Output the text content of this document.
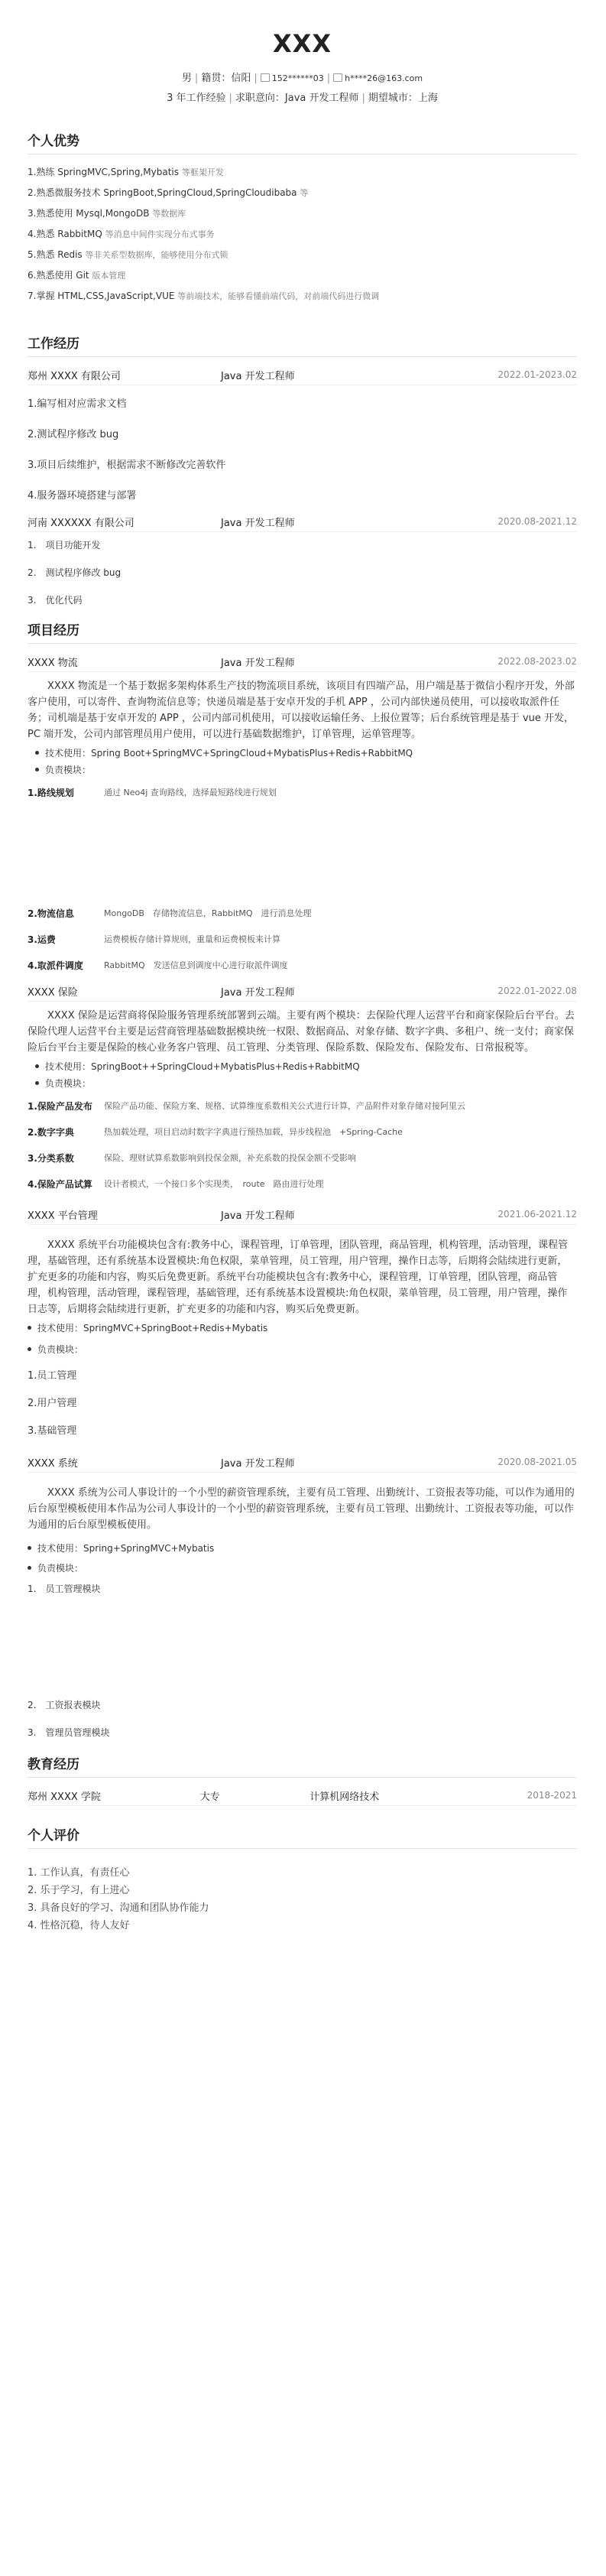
XXX
男 | 籍贯：信阳 | 152******03 | h****26@163.com
3 年工作经验 | 求职意向：Java 开发工程师 | 期望城市：上海
个人优势

1.熟练 SpringMVC,Spring,Mybatis 等框架开发

2.熟悉微服务技术 SpringBoot,SpringCloud,SpringCloudibaba 等

3.熟悉使用 Mysql,MongoDB 等数据库

4.熟悉 RabbitMQ 等消息中间件实现分布式事务

5.熟悉 Redis 等非关系型数据库，能够使用分布式锁

6.熟悉使用 Git 版本管理

7.掌握 HTML,CSS,JavaScript,VUE 等前端技术，能够看懂前端代码，对前端代码进行微调

工作经历
郑州 XXXX 有限公司	Java 开发工程师	2022.01-2023.02
1.编写相对应需求文档
2.测试程序修改 bug
3.项目后续维护，根据需求不断修改完善软件
4.服务器环境搭建与部署
河南 XXXXXX 有限公司	Java 开发工程师	2020.08-2021.12
1.　项目功能开发
2.　测试程序修改 bug
3.　优化代码
项目经历
XXXX 物流	Java 开发工程师	2022.08-2023.02
XXXX 物流是一个基于数据多架构体系生产技的物流项目系统，该项目有四端产品，用户端是基于微信小程序开发，外部客户使用，可以寄件、查询物流信息等；快递员端是基于安卓开发的手机 APP ，公司内部快递员使用，可以接收取派件任务；司机端是基于安卓开发的 APP ，公司内部司机使用，可以接收运输任务、上报位置等；后台系统管理是基于 vue 开发，PC 端开发，公司内部管理员用户使用，可以进行基础数据维护，订单管理，运单管理等。
技术使用：Spring Boot+SpringMVC+SpringCloud+MybatisPlus+Redis+RabbitMQ
负责模块：
1.路线规划	通过 Neo4j 查询路线，选择最短路线进行规划
2.物流信息	MongoDB　存储物流信息，RabbitMQ　进行消息处理
3.运费	运费模板存储计算规则，重量和运费模板来计算
4.取派件调度	RabbitMQ　发送信息到调度中心进行取派件调度
XXXX 保险	Java 开发工程师	2022.01-2022.08
XXXX 保险是运营商将保险服务管理系统部署到云端。主要有两个模块：去保险代理人运营平台和商家保险后台平台。去保险代理人运营平台主要是运营商管理基础数据模块统一权限、数据商品、对象存储、数字字典、多租户、统一支付；商家保险后台平台主要是保险的核心业务客户管理、员工管理、分类管理、保险系数、保险发布、保险发布、日常报税等。
技术使用：SpringBoot++SpringCloud+MybatisPlus+Redis+RabbitMQ
负责模块：
1.保险产品发布	保险产品功能、保险方案、规格、试算维度系数相关公式进行计算，产品附件对象存储对接阿里云
2.数字字典	热加载处理，项目启动时数字字典进行预热加载，异步线程池　+Spring-Cache
3.分类系数	保险、理财试算系数影响到投保金额，补充系数的投保金额不受影响
4.保险产品试算	设计者模式，一个接口多个实现类，　route　路由进行处理
XXXX 平台管理	Java 开发工程师	2021.06-2021.12
XXXX 系统平台功能模块包含有:教务中心，课程管理，订单管理，团队管理，商品管理，机构管理，活动管理，课程管理，基础管理，还有系统基本设置模块:角色权限，菜单管理，员工管理，用户管理，操作日志等，后期将会陆续进行更新，扩充更多的功能和内容，购买后免费更新。系统平台功能模块包含有:教务中心，课程管理，订单管理，团队管理，商品管理，机构管理，活动管理，课程管理，基础管理，还有系统基本设置模块:角色权限，菜单管理，员工管理，用户管理，操作日志等，后期将会陆续进行更新，扩充更多的功能和内容，购买后免费更新。
技术使用：SpringMVC+SpringBoot+Redis+Mybatis
负责模块：
1.员工管理
2.用户管理
3.基础管理
XXXX 系统	Java 开发工程师	2020.08-2021.05
XXXX 系统为公司人事设计的一个小型的薪资管理系统，主要有员工管理、出勤统计、工资报表等功能，可以作为通用的后台原型模板使用本作品为公司人事设计的一个小型的薪资管理系统，主要有员工管理、出勤统计、工资报表等功能，可以作为通用的后台原型模板使用。
技术使用：Spring+SpringMVC+Mybatis
负责模块：
1.　员工管理模块
2.　工资报表模块
3.　管理员管理模块
教育经历
郑州 XXXX 学院	大专	计算机网络技术	2018-2021
个人评价

1. 工作认真，有责任心

2. 乐于学习，有上进心

3. 具备良好的学习、沟通和团队协作能力

4. 性格沉稳，待人友好
